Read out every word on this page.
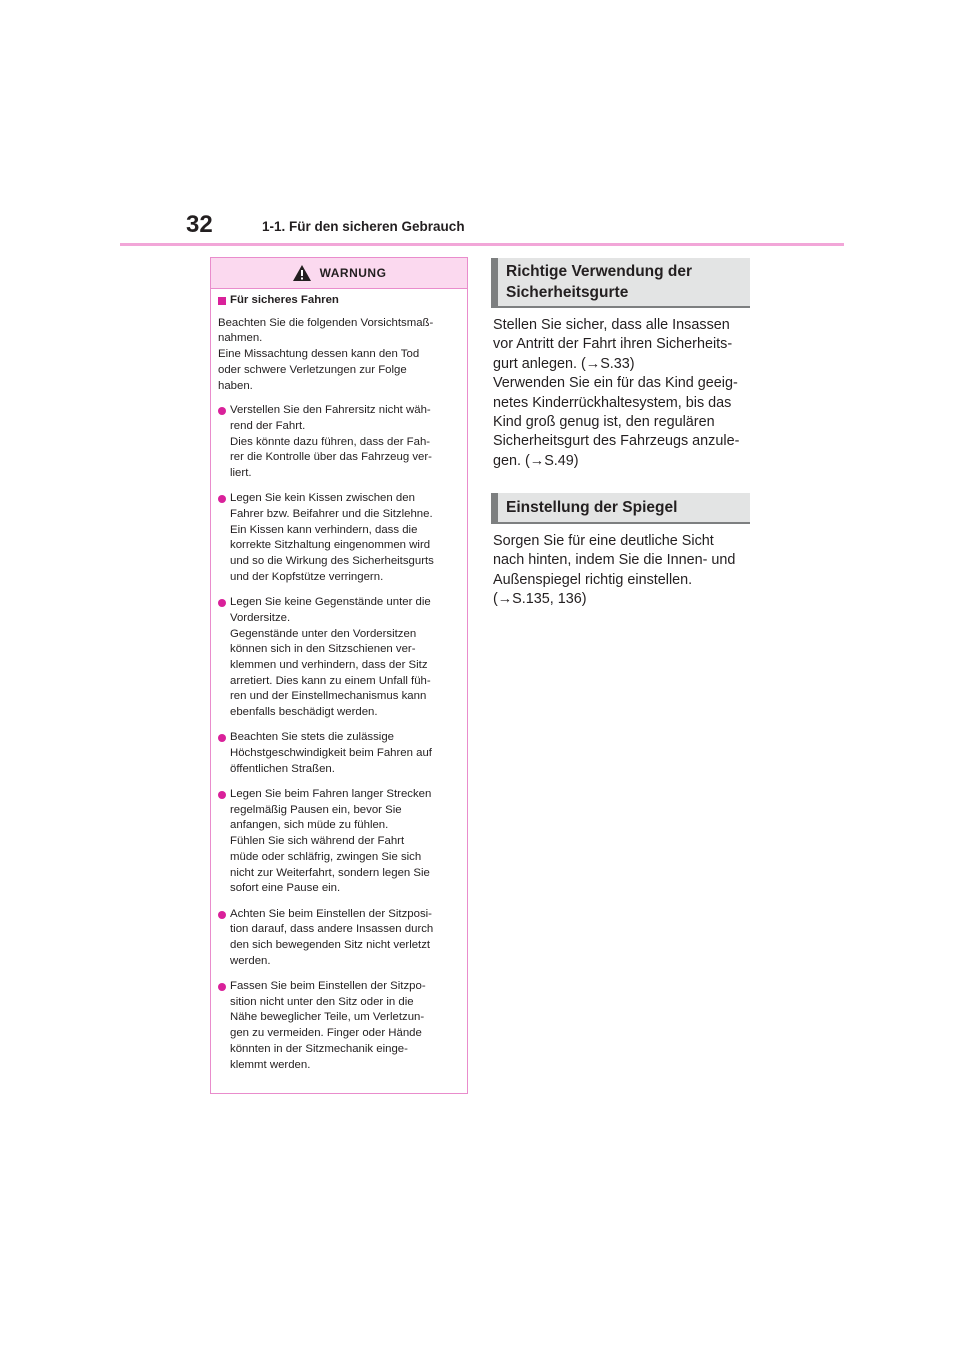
32	1-1. Für den sicheren Gebrauch
WARNUNG
Für sicheres Fahren
Beachten Sie die folgenden Vorsichtsmaß-
nahmen.
Eine Missachtung dessen kann den Tod
oder schwere Verletzungen zur Folge
haben.
Verstellen Sie den Fahrersitz nicht wäh-
rend der Fahrt.
Dies könnte dazu führen, dass der Fah-
rer die Kontrolle über das Fahrzeug ver-
liert.
Legen Sie kein Kissen zwischen den
Fahrer bzw. Beifahrer und die Sitzlehne.
Ein Kissen kann verhindern, dass die
korrekte Sitzhaltung eingenommen wird
und so die Wirkung des Sicherheitsgurts
und der Kopfstütze verringern.
Legen Sie keine Gegenstände unter die
Vordersitze.
Gegenstände unter den Vordersitzen
können sich in den Sitzschienen ver-
klemmen und verhindern, dass der Sitz
arretiert. Dies kann zu einem Unfall füh-
ren und der Einstellmechanismus kann
ebenfalls beschädigt werden.
Beachten Sie stets die zulässige
Höchstgeschwindigkeit beim Fahren auf
öffentlichen Straßen.
Legen Sie beim Fahren langer Strecken
regelmäßig Pausen ein, bevor Sie
anfangen, sich müde zu fühlen.
Fühlen Sie sich während der Fahrt
müde oder schläfrig, zwingen Sie sich
nicht zur Weiterfahrt, sondern legen Sie
sofort eine Pause ein.
Achten Sie beim Einstellen der Sitzposi-
tion darauf, dass andere Insassen durch
den sich bewegenden Sitz nicht verletzt
werden.
Fassen Sie beim Einstellen der Sitzpo-
sition nicht unter den Sitz oder in die
Nähe beweglicher Teile, um Verletzun-
gen zu vermeiden. Finger oder Hände
könnten in der Sitzmechanik einge-
klemmt werden.
Richtige Verwendung der
Sicherheitsgurte
Stellen Sie sicher, dass alle Insassen
vor Antritt der Fahrt ihren Sicherheits-
gurt anlegen. (→S.33)
Verwenden Sie ein für das Kind geeig-
netes Kinderrückhaltesystem, bis das
Kind groß genug ist, den regulären
Sicherheitsgurt des Fahrzeugs anzule-
gen. (→S.49)
Einstellung der Spiegel
Sorgen Sie für eine deutliche Sicht
nach hinten, indem Sie die Innen- und
Außenspiegel richtig einstellen.
(→S.135, 136)
